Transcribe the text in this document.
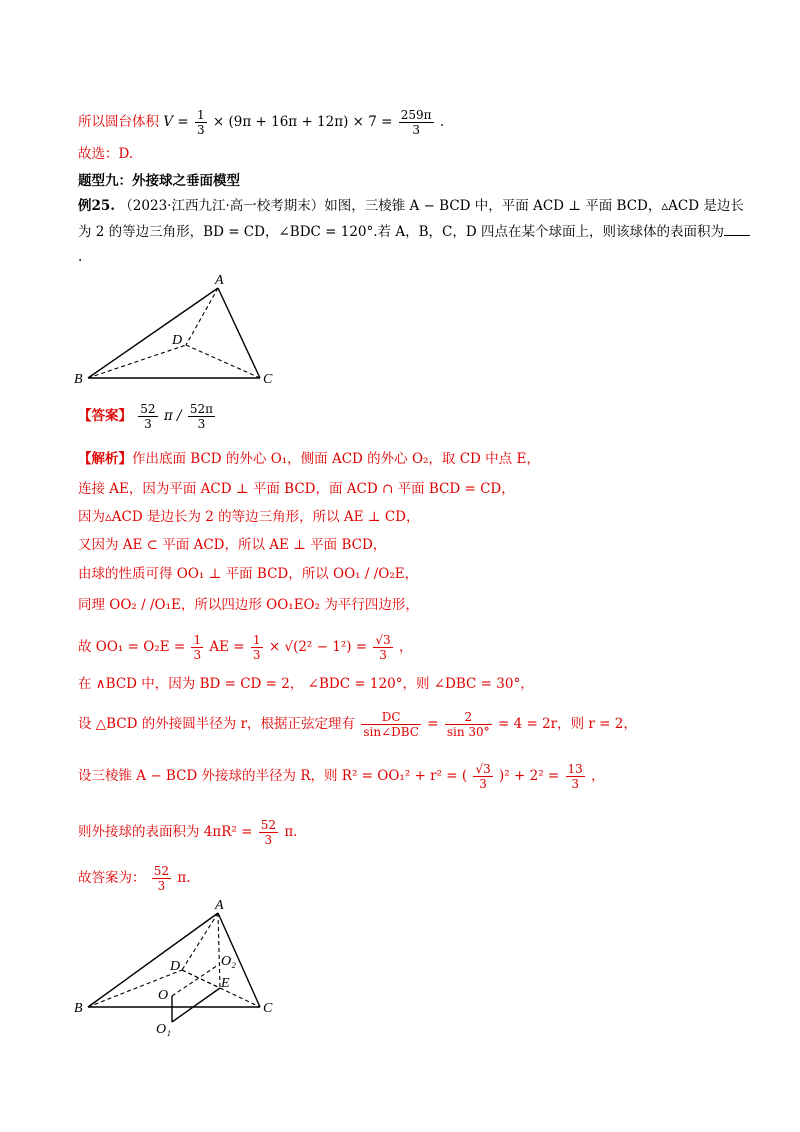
所以圆台体积 $V = \frac{1}{3} \times (9\pi + 16\pi + 12\pi) \times 7 = \frac{259\pi}{3}$ .
故选：D.
题型九：外接球之垂面模型
例25. （2023·江西九江·高一校考期末）如图，三棱锥 A − BCD 中，平面 ACD ⊥ 平面 BCD，▵ACD 是边长
为 2 的等边三角形，BD = CD，∠BDC = 120°.若 A，B，C，D 四点在某个球面上，则该球体的表面积为
.
A
B	C
D
【答案】 $\frac{52}{3}$ π / $\frac{52\pi}{3}$
【解析】作出底面 BCD 的外心 O₁，侧面 ACD 的外心 O₂，取 CD 中点 E，
连接 AE，因为平面 ACD ⊥ 平面 BCD，面 ACD ∩ 平面 BCD = CD，
因为▵ACD 是边长为 2 的等边三角形，所以 AE ⊥ CD，
又因为 AE ⊂ 平面 ACD，所以 AE ⊥ 平面 BCD，
由球的性质可得 OO₁ ⊥ 平面 BCD，所以 OO₁ / /O₂E，
同理 OO₂ / /O₁E，所以四边形 OO₁EO₂ 为平行四边形，
故 $OO_1 = O_2E = \frac{1}{3}$ AE = $\frac{1}{3} \times √(2^2 - 1^2) = \frac{√3}{3}$ ，
在 ∧BCD 中，因为 BD = CD = 2， ∠BDC = 120°，则 ∠DBC = 30°，
设 △BCD 的外接圆半径为 r，根据正弦定理有 $\frac{DC}{\text{sin∠DBC}} = \frac{2}{\sin 30^\circ} = 4 = 2r$，则 r = 2，
设三棱锥 A − BCD 外接球的半径为 R，则 R² = OO₁² + r² = ( $\frac{√3}{3} )^2 + 2^2 = \frac{13}{3}$ ，
则外接球的表面积为 $4\pi R^2 = \frac{52}{3} \pi$.
故答案为： $\frac{52}{3} \pi$.
A
B	C
D
O
O₁
O₂
E
